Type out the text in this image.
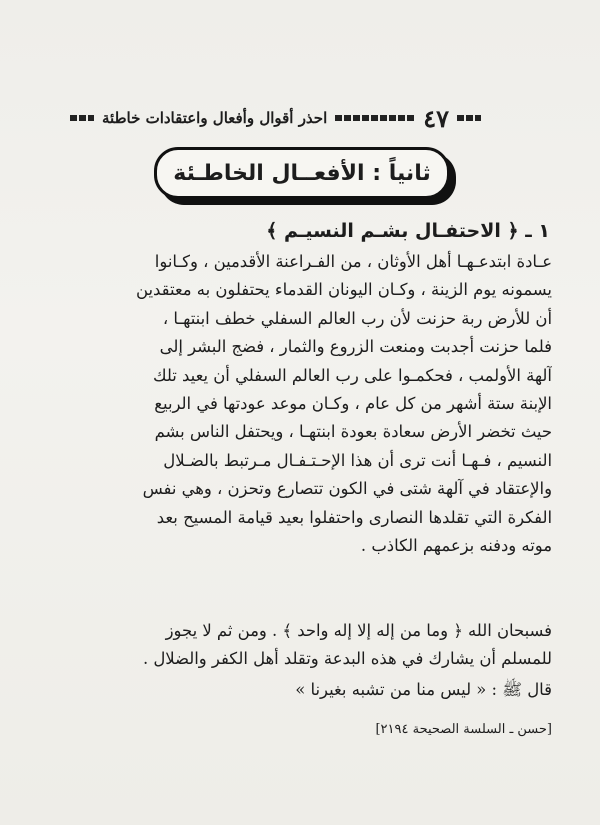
احذر أقوال وأفعال واعتقادات خاطئة	٤٧
ثانياً : الأفعــال الخاطـئة
١ ـ ﴿ الاحتفـال بشـم النسيـم ﴾
عـادة ابتدعـهـا أهل الأوثان ، من الفـراعنة الأقدمين ، وكـانوا
يسمونه يوم الزينة ، وكـان اليونان القدماء يحتفلون به معتقدين
أن للأرض ربة حزنت لأن رب العالم السفلي خطف ابنتهـا ،
فلما حزنت أجدبت ومنعت الزروع والثمار ، فضج البشر إلى
آلهة الأولمب ، فحكمـوا على رب العالم السفلي أن يعيد تلك
الإبنة ستة أشهر من كل عام ، وكـان موعد عودتها في الربيع
حيث تخضر الأرض سعادة بعودة ابنتهـا ، ويحتفل الناس بشم
النسيم ، فـهـا أنت ترى أن هذا الإحـتـفـال مـرتبط بالضـلال
والإعتقاد في آلهة شتى في الكون تتصارع وتحزن ، وهي نفس
الفكرة التي تقلدها النصارى واحتفلوا بعيد قيامة المسيح بعد
موته ودفنه بزعمهم الكاذب .
فسبحان الله ﴿ وما من إله إلا إله واحد ﴾ . ومن ثم لا يجوز
للمسلم أن يشارك في هذه البدعة وتقلد أهل الكفر والضلال .
قال ﷺ : « ليس منا من تشبه بغيرنا »
[حسن ـ السلسة الصحيحة ٢١٩٤]
